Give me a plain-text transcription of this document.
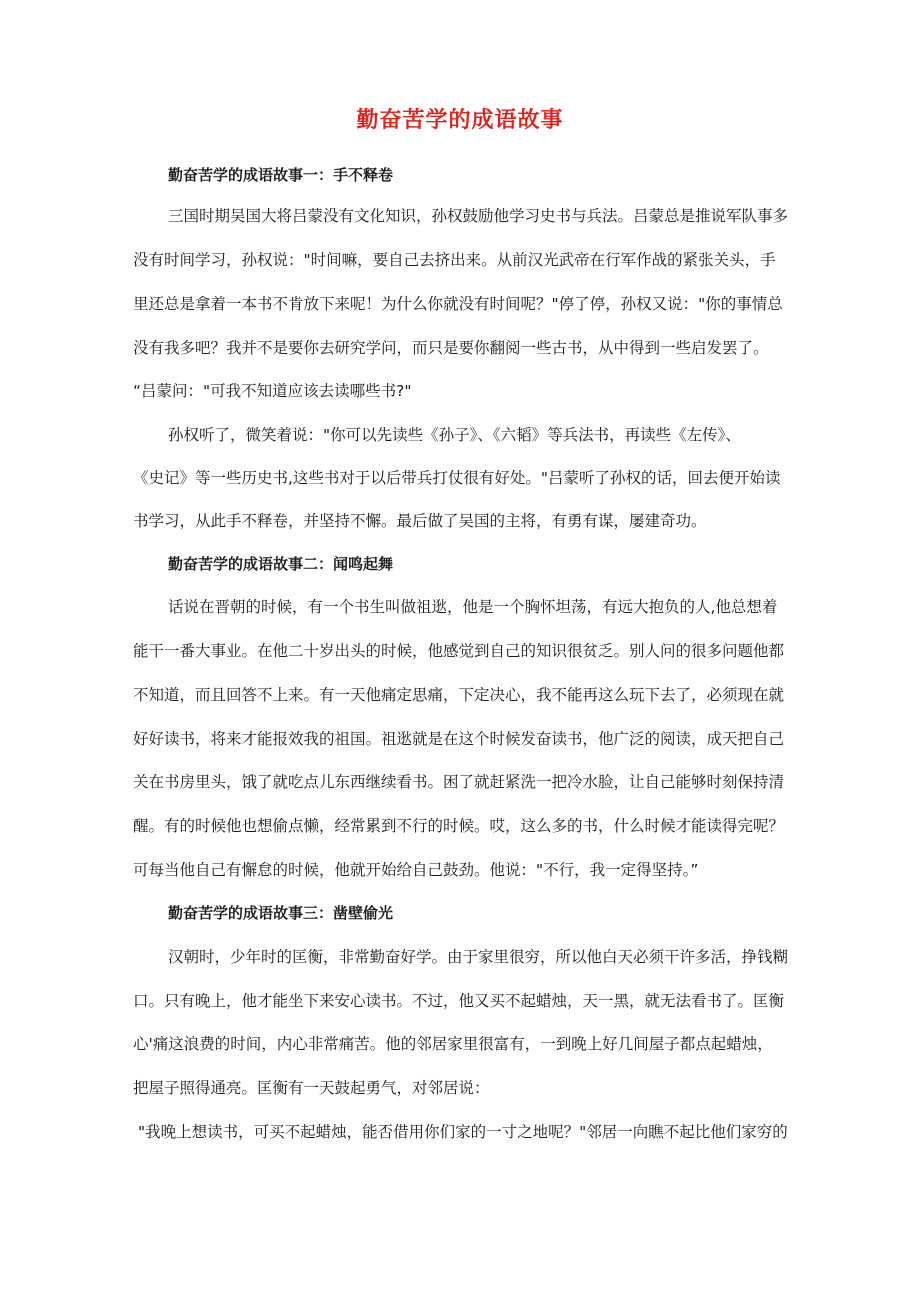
勤奋苦学的成语故事
勤奋苦学的成语故事一：手不释卷
三国时期吴国大将吕蒙没有文化知识，孙权鼓励他学习史书与兵法。吕蒙总是推说军队事多
没有时间学习，孙权说："时间嘛，要自己去挤出来。从前汉光武帝在行军作战的紧张关头，手
里还总是拿着一本书不肯放下来呢！为什么你就没有时间呢？"停了停，孙权又说："你的事情总
没有我多吧？我并不是要你去研究学问，而只是要你翻阅一些古书，从中得到一些启发罢了。
“吕蒙问："可我不知道应该去读哪些书?"
孙权听了，微笑着说："你可以先读些《孙子》、《六韬》等兵法书，再读些《左传》、
《史记》等一些历史书,这些书对于以后带兵打仗很有好处。"吕蒙听了孙权的话，回去便开始读
书学习，从此手不释卷，并坚持不懈。最后做了吴国的主将，有勇有谋，屡建奇功。
勤奋苦学的成语故事二：闻鸣起舞
话说在晋朝的时候，有一个书生叫做祖逖，他是一个胸怀坦荡，有远大抱负的人,他总想着
能干一番大事业。在他二十岁出头的时候，他感觉到自己的知识很贫乏。别人问的很多问题他都
不知道，而且回答不上来。有一天他痛定思痛，下定决心，我不能再这么玩下去了，必须现在就
好好读书，将来才能报效我的祖国。祖逖就是在这个时候发奋读书，他广泛的阅读，成天把自己
关在书房里头，饿了就吃点儿东西继续看书。困了就赶紧洗一把冷水脸，让自己能够时刻保持清
醒。有的时候他也想偷点懒，经常累到不行的时候。哎，这么多的书，什么时候才能读得完呢？
可每当他自己有懈怠的时候，他就开始给自己鼓劲。他说："不行，我一定得坚持。”
勤奋苦学的成语故事三：凿壁偷光
汉朝时，少年时的匡衡，非常勤奋好学。由于家里很穷，所以他白天必须干许多活，挣钱糊
口。只有晚上，他才能坐下来安心读书。不过，他又买不起蜡烛，天一黑，就无法看书了。匡衡
心'痛这浪费的时间，内心非常痛苦。他的邻居家里很富有，一到晚上好几间屋子都点起蜡烛，
把屋子照得通亮。匡衡有一天鼓起勇气，对邻居说：
"我晚上想读书，可买不起蜡烛，能否借用你们家的一寸之地呢？"邻居一向瞧不起比他们家穷的
